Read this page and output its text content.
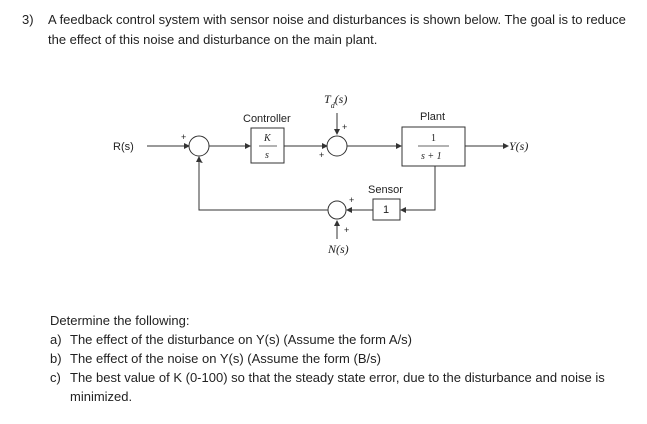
3) A feedback control system with sensor noise and disturbances is shown below. The goal is to reduce the effect of this noise and disturbance on the main plant.
R(s)
+
-
Controller
K
s
$T_d(s)$
+
+
Plant
1
s + 1
Y(s)
Sensor
1
+
+
N(s)

Determine the following:

a) The effect of the disturbance on Y(s) (Assume the form A/s)
b) The effect of the noise on Y(s) (Assume the form (B/s)
c) The best value of K (0-100) so that the steady state error, due to the disturbance and noise is minimized.
